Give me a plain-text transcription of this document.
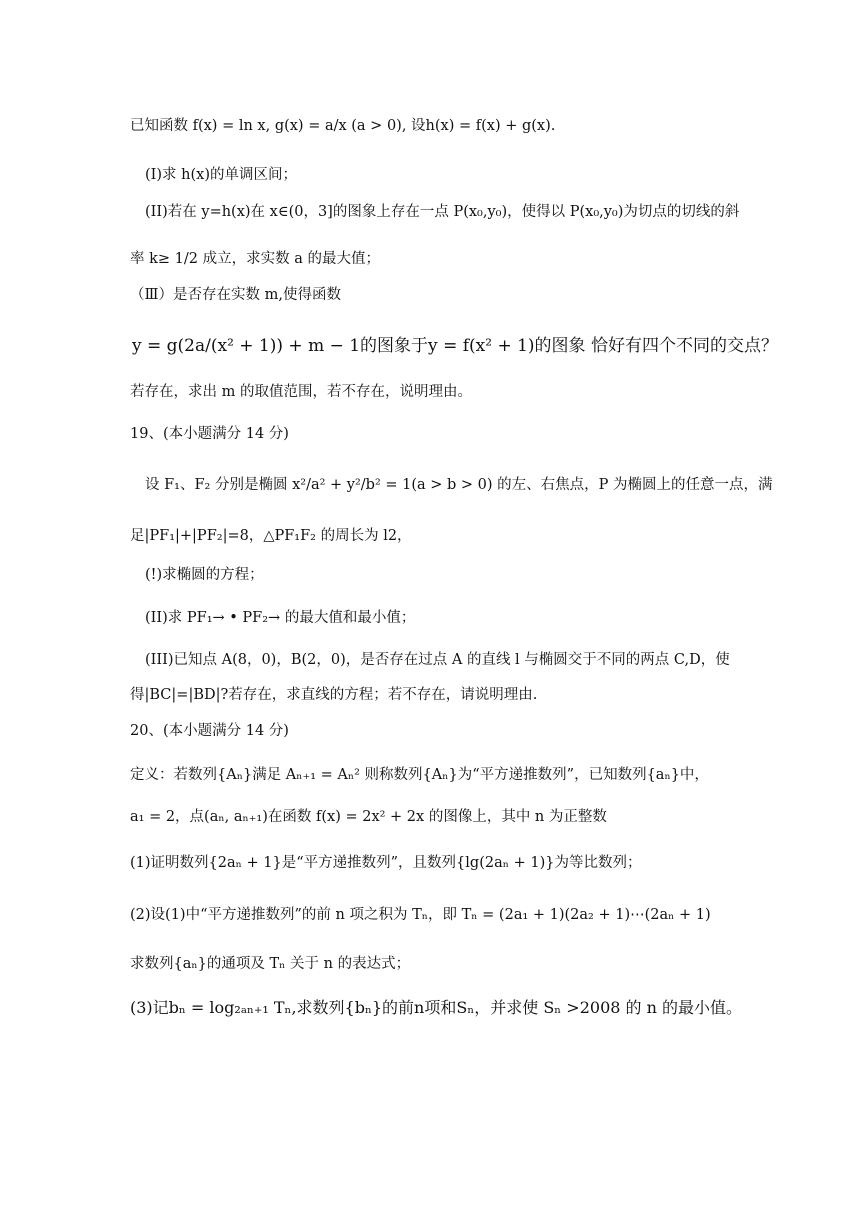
已知函数 f(x) = ln x, g(x) = a/x (a > 0), 设h(x) = f(x) + g(x).
(I)求 h(x)的单调区间；
(II)若在 y=h(x)在 x∈(0，3]的图象上存在一点 P(x₀,y₀)，使得以 P(x₀,y₀)为切点的切线的斜
率 k≥ 1/2 成立，求实数 a 的最大值；
（Ⅲ）是否存在实数 m,使得函数
y = g(2a/(x² + 1)) + m − 1的图象于y = f(x² + 1)的图象 恰好有四个不同的交点？
若存在，求出 m 的取值范围，若不存在，说明理由。
19、(本小题满分 14 分)
设 F₁、F₂ 分别是椭圆 x²/a² + y²/b² = 1(a > b > 0) 的左、右焦点，P 为椭圆上的任意一点，满
足|PF₁|+|PF₂|=8，△PF₁F₂ 的周长为 l2，
(!)求椭圆的方程；
(II)求 PF₁→ • PF₂→ 的最大值和最小值；
(III)已知点 A(8，0)，B(2，0)，是否存在过点 A 的直线 l 与椭圆交于不同的两点 C,D，使
得|BC|=|BD|?若存在，求直线的方程；若不存在，请说明理由.
20、(本小题满分 14 分)
定义：若数列{Aₙ}满足 Aₙ₊₁ = Aₙ² 则称数列{Aₙ}为“平方递推数列”，已知数列{aₙ}中，
a₁ = 2，点(aₙ, aₙ₊₁)在函数 f(x) = 2x² + 2x 的图像上，其中 n 为正整数
(1)证明数列{2aₙ + 1}是“平方递推数列”，且数列{lg(2aₙ + 1)}为等比数列；
(2)设(1)中“平方递推数列”的前 n 项之积为 Tₙ，即 Tₙ = (2a₁ + 1)(2a₂ + 1)⋯(2aₙ + 1)
求数列{aₙ}的通项及 Tₙ 关于 n 的表达式；
(3)记bₙ = log₂ₐₙ₊₁ Tₙ,求数列{bₙ}的前n项和Sₙ，并求使 Sₙ >2008 的 n 的最小值。
